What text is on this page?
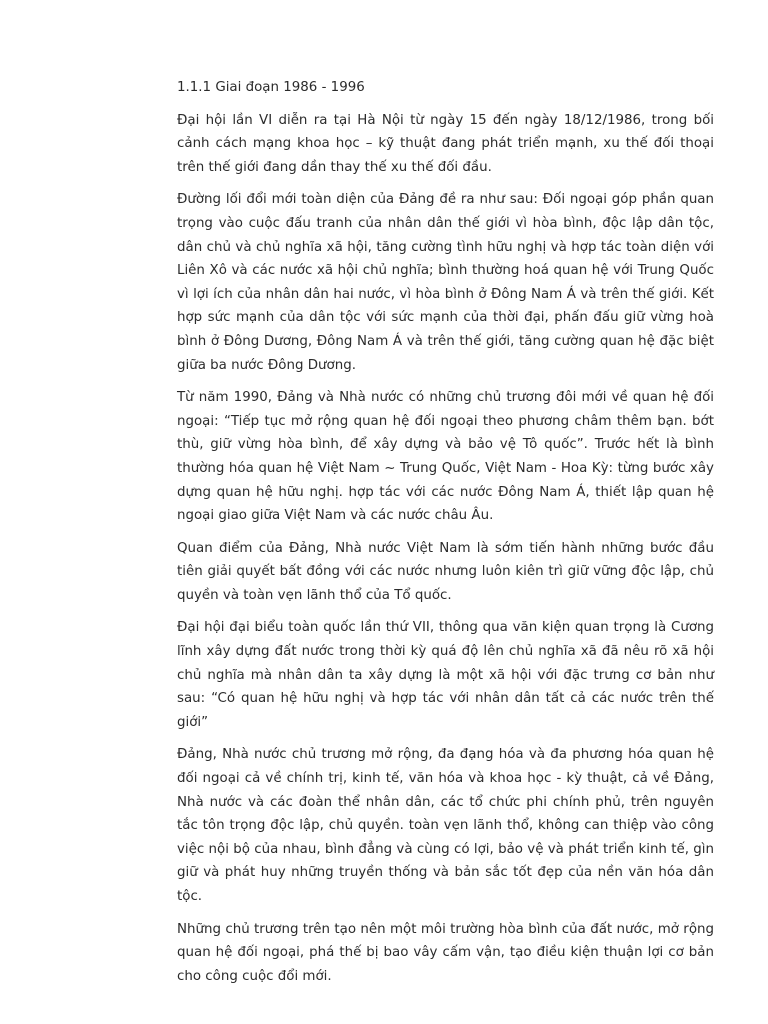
1.1.1 Giai đoạn 1986 - 1996

Đại hội lần VI diễn ra tại Hà Nội từ ngày 15 đến ngày 18/12/1986, trong bối cảnh cách mạng khoa học – kỹ thuật đang phát triển mạnh, xu thế đối thoại trên thế giới đang dần thay thế xu thế đối đầu.

Đường lối đổi mới toàn diện của Đảng đề ra như sau: Đối ngoại góp phần quan trọng vào cuộc đấu tranh của nhân dân thế giới vì hòa bình, độc lập dân tộc, dân chủ và chủ nghĩa xã hội, tăng cường tình hữu nghị và hợp tác toàn diện với Liên Xô và các nước xã hội chủ nghĩa; bình thường hoá quan hệ với Trung Quốc vì lợi ích của nhân dân hai nước, vì hòa bình ở Đông Nam Á và trên thế giới. Kết hợp sức mạnh của dân tộc với sức mạnh của thời đại, phấn đấu giữ vừng hoà bình ở Đông Dương, Đông Nam Á và trên thế giới, tăng cường quan hệ đặc biệt giữa ba nước Đông Dương.

Từ năm 1990, Đảng và Nhà nước có những chủ trương đôi mới về quan hệ đối ngoại: “Tiếp tục mở rộng quan hệ đối ngoại theo phương châm thêm bạn. bớt thù, giữ vừng hòa bình, để xây dựng và bảo vệ Tô quốc”. Trước hết là bình thường hóa quan hệ Việt Nam ~ Trung Quốc, Việt Nam - Hoa Kỳ: từng bước xây dựng quan hệ hữu nghị. hợp tác với các nước Đông Nam Á, thiết lập quan hệ ngoại giao giữa Việt Nam và các nước châu Âu.

Quan điểm của Đảng, Nhà nước Việt Nam là sớm tiến hành những bước đầu tiên giải quyết bất đồng với các nước nhưng luôn kiên trì giữ vững độc lập, chủ quyền và toàn vẹn lãnh thổ của Tổ quốc.

Đại hội đại biểu toàn quốc lần thứ VII, thông qua văn kiện quan trọng là Cương lĩnh xây dựng đất nước trong thời kỳ quá độ lên chủ nghĩa xã đã nêu rõ xã hội chủ nghĩa mà nhân dân ta xây dựng là một xã hội với đặc trưng cơ bản như sau: “Có quan hệ hữu nghị và hợp tác với nhân dân tất cả các nước trên thế giới”

Đảng, Nhà nước chủ trương mở rộng, đa đạng hóa và đa phương hóa quan hệ đối ngoại cả về chính trị, kinh tế, văn hóa và khoa học - kỳ thuật, cả về Đảng, Nhà nước và các đoàn thể nhân dân, các tổ chức phi chính phủ, trên nguyên tắc tôn trọng độc lập, chủ quyền. toàn vẹn lãnh thổ, không can thiệp vào công việc nội bộ của nhau, bình đẳng và cùng có lợi, bảo vệ và phát triển kinh tế, gìn giữ và phát huy những truyền thống và bản sắc tốt đẹp của nền văn hóa dân tộc.

Những chủ trương trên tạo nên một môi trường hòa bình của đất nước, mở rộng quan hệ đối ngoại, phá thế bị bao vây cấm vận, tạo điều kiện thuận lợi cơ bản cho công cuộc đổi mới.
